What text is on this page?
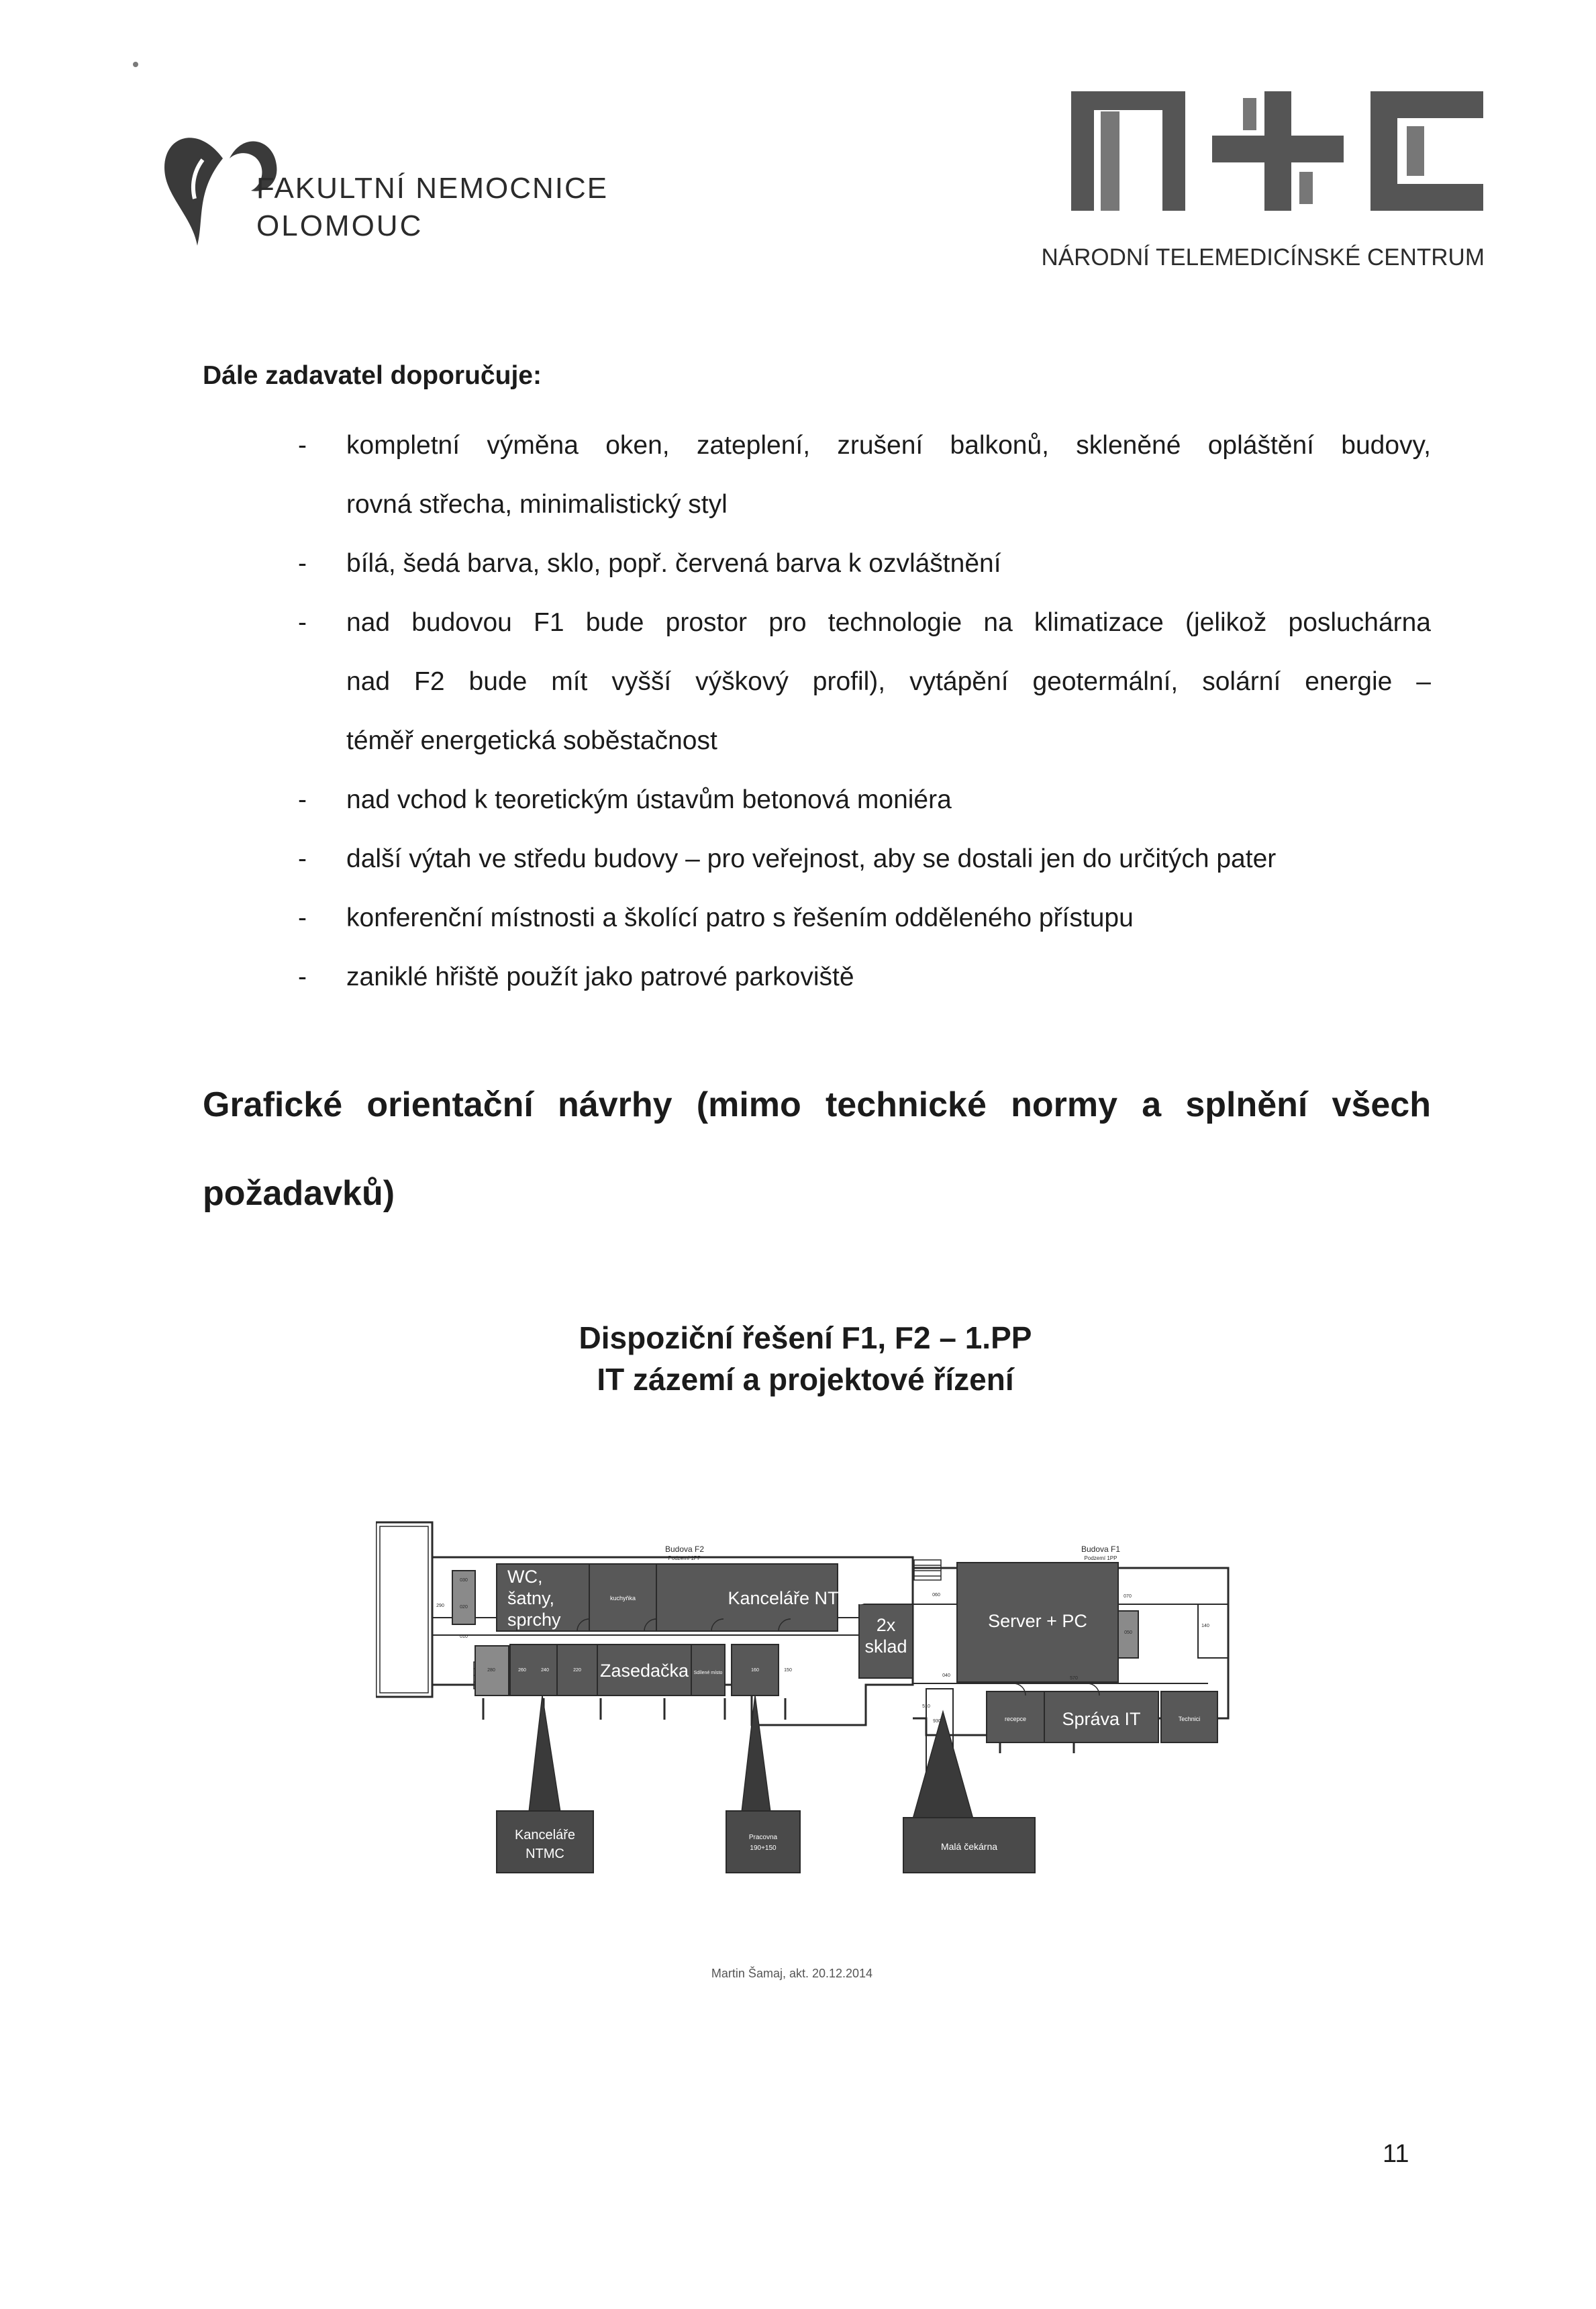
FAKULTNÍ NEMOCNICE
OLOMOUC
NÁRODNÍ TELEMEDICÍNSKÉ CENTRUM
Dále zadavatel doporučuje:
- kompletní výměna oken, zateplení, zrušení balkonů, skleněné opláštění budovy,
rovná střecha, minimalistický styl
- bílá, šedá barva, sklo, popř. červená barva k ozvláštnění
- nad budovou F1 bude prostor pro technologie na klimatizace (jelikož posluchárna
nad F2 bude mít vyšší výškový profil), vytápění geotermální, solární energie –
téměř energetická soběstačnost
- nad vchod k teoretickým ústavům betonová moniéra
- další výtah ve středu budovy – pro veřejnost, aby se dostali jen do určitých pater
- konferenční místnosti a školící patro s řešením odděleného přístupu
- zaniklé hřiště použít jako patrové parkoviště
Grafické orientační návrhy (mimo technické normy a splnění všech
požadavků)
Dispoziční řešení F1, F2 – 1.PP
IT zázemí a projektové řízení
Budova F2
Podzemí 1PP
Budova F1
Podzemí 1PP
WC,
šatny,
sprchy
kuchyňka	Kanceláře NTMC
2x
sklad
Server + PC
Zasedačka Sdílené místo
recepce Správa IT	Technici
Kanceláře
NTMC
Pracovna
190+150	Malá čekárna
030
020
010
290
280	260	240	220	160	150
060	070
050
040
570
510
930
140
Martin Šamaj, akt. 20.12.2014
11
